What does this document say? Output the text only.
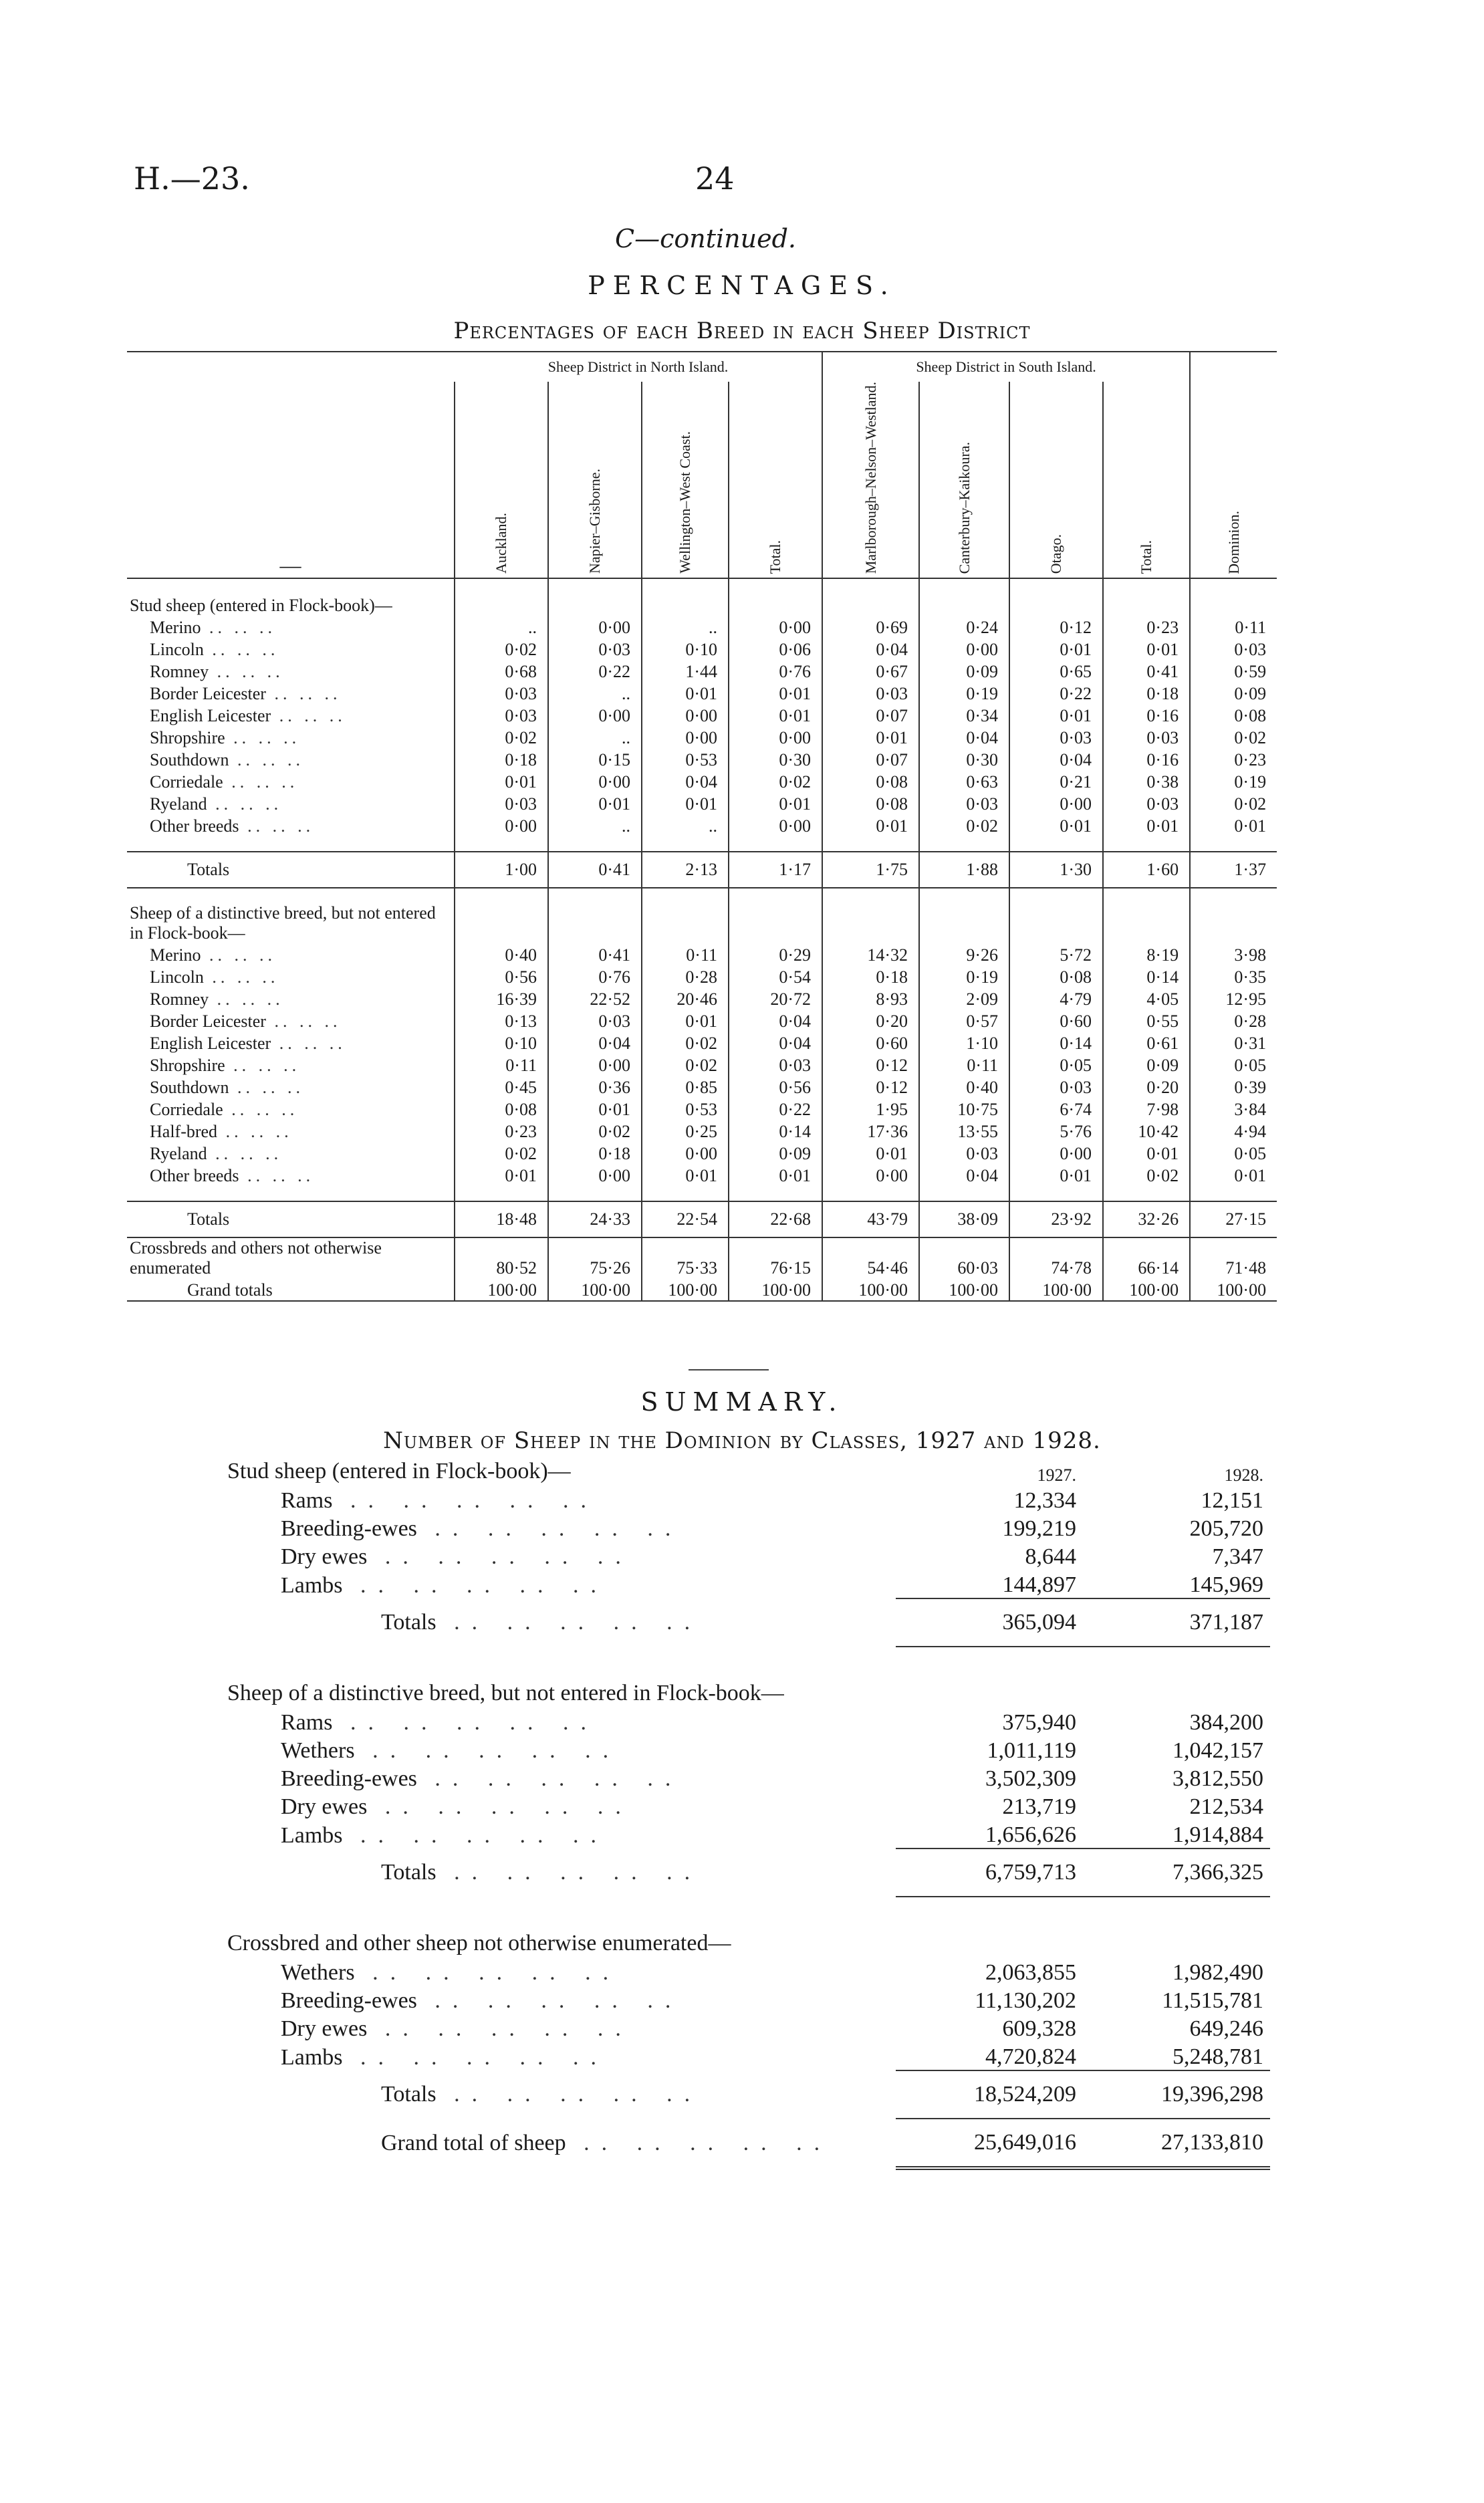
H.—23.	24
C—continued.
PERCENTAGES.
Percentages of each Breed in each Sheep District
	Sheep District in North Island.				Sheep District in South Island.				
—	Auckland.	Napier–Gisborne.	Wellington–West Coast.	Total.	Marlborough–Nelson–Westland.	Canterbury–Kaikoura.	Otago.	Total.	Dominion.

Stud sheep (entered in Flock-book)—									
Merino .. .. ..	..	0·00	..	0·00	0·69	0·24	0·12	0·23	0·11
Lincoln .. .. ..	0·02	0·03	0·10	0·06	0·04	0·00	0·01	0·01	0·03
Romney .. .. ..	0·68	0·22	1·44	0·76	0·67	0·09	0·65	0·41	0·59
Border Leicester .. .. ..	0·03	..	0·01	0·01	0·03	0·19	0·22	0·18	0·09
English Leicester .. .. ..	0·03	0·00	0·00	0·01	0·07	0·34	0·01	0·16	0·08
Shropshire .. .. ..	0·02	..	0·00	0·00	0·01	0·04	0·03	0·03	0·02
Southdown .. .. ..	0·18	0·15	0·53	0·30	0·07	0·30	0·04	0·16	0·23
Corriedale .. .. ..	0·01	0·00	0·04	0·02	0·08	0·63	0·21	0·38	0·19
Ryeland .. .. ..	0·03	0·01	0·01	0·01	0·08	0·03	0·00	0·03	0·02
Other breeds .. .. ..	0·00	..	..	0·00	0·01	0·02	0·01	0·01	0·01

Totals	1·00	0·41	2·13	1·17	1·75	1·88	1·30	1·60	1·37

Sheep of a distinctive breed, but not entered in Flock-book—									
Merino .. .. ..	0·40	0·41	0·11	0·29	14·32	9·26	5·72	8·19	3·98
Lincoln .. .. ..	0·56	0·76	0·28	0·54	0·18	0·19	0·08	0·14	0·35
Romney .. .. ..	16·39	22·52	20·46	20·72	8·93	2·09	4·79	4·05	12·95
Border Leicester .. .. ..	0·13	0·03	0·01	0·04	0·20	0·57	0·60	0·55	0·28
English Leicester .. .. ..	0·10	0·04	0·02	0·04	0·60	1·10	0·14	0·61	0·31
Shropshire .. .. ..	0·11	0·00	0·02	0·03	0·12	0·11	0·05	0·09	0·05
Southdown .. .. ..	0·45	0·36	0·85	0·56	0·12	0·40	0·03	0·20	0·39
Corriedale .. .. ..	0·08	0·01	0·53	0·22	1·95	10·75	6·74	7·98	3·84
Half-bred .. .. ..	0·23	0·02	0·25	0·14	17·36	13·55	5·76	10·42	4·94
Ryeland .. .. ..	0·02	0·18	0·00	0·09	0·01	0·03	0·00	0·01	0·05
Other breeds .. .. ..	0·01	0·00	0·01	0·01	0·00	0·04	0·01	0·02	0·01

Totals	18·48	24·33	22·54	22·68	43·79	38·09	23·92	32·26	27·15
Crossbreds and others not otherwise enumerated	80·52	75·26	75·33	76·15	54·46	60·03	74·78	66·14	71·48
Grand totals	100·00	100·00	100·00	100·00	100·00	100·00	100·00	100·00	100·00
SUMMARY.
Number of Sheep in the Dominion by Classes, 1927 and 1928.
Stud sheep (entered in Flock-book)—	1927.	1928.
Rams .. .. .. .. ..	12,334	12,151
Breeding-ewes .. .. .. .. ..	199,219	205,720
Dry ewes .. .. .. .. ..	8,644	7,347
Lambs .. .. .. .. ..	144,897	145,969
Totals .. .. .. .. ..	365,094	371,187

Sheep of a distinctive breed, but not entered in Flock-book—		
Rams .. .. .. .. ..	375,940	384,200
Wethers .. .. .. .. ..	1,011,119	1,042,157
Breeding-ewes .. .. .. .. ..	3,502,309	3,812,550
Dry ewes .. .. .. .. ..	213,719	212,534
Lambs .. .. .. .. ..	1,656,626	1,914,884
Totals .. .. .. .. ..	6,759,713	7,366,325

Crossbred and other sheep not otherwise enumerated—		
Wethers .. .. .. .. ..	2,063,855	1,982,490
Breeding-ewes .. .. .. .. ..	11,130,202	11,515,781
Dry ewes .. .. .. .. ..	609,328	649,246
Lambs .. .. .. .. ..	4,720,824	5,248,781
Totals .. .. .. .. ..	18,524,209	19,396,298
Grand total of sheep .. .. .. .. ..	25,649,016	27,133,810
